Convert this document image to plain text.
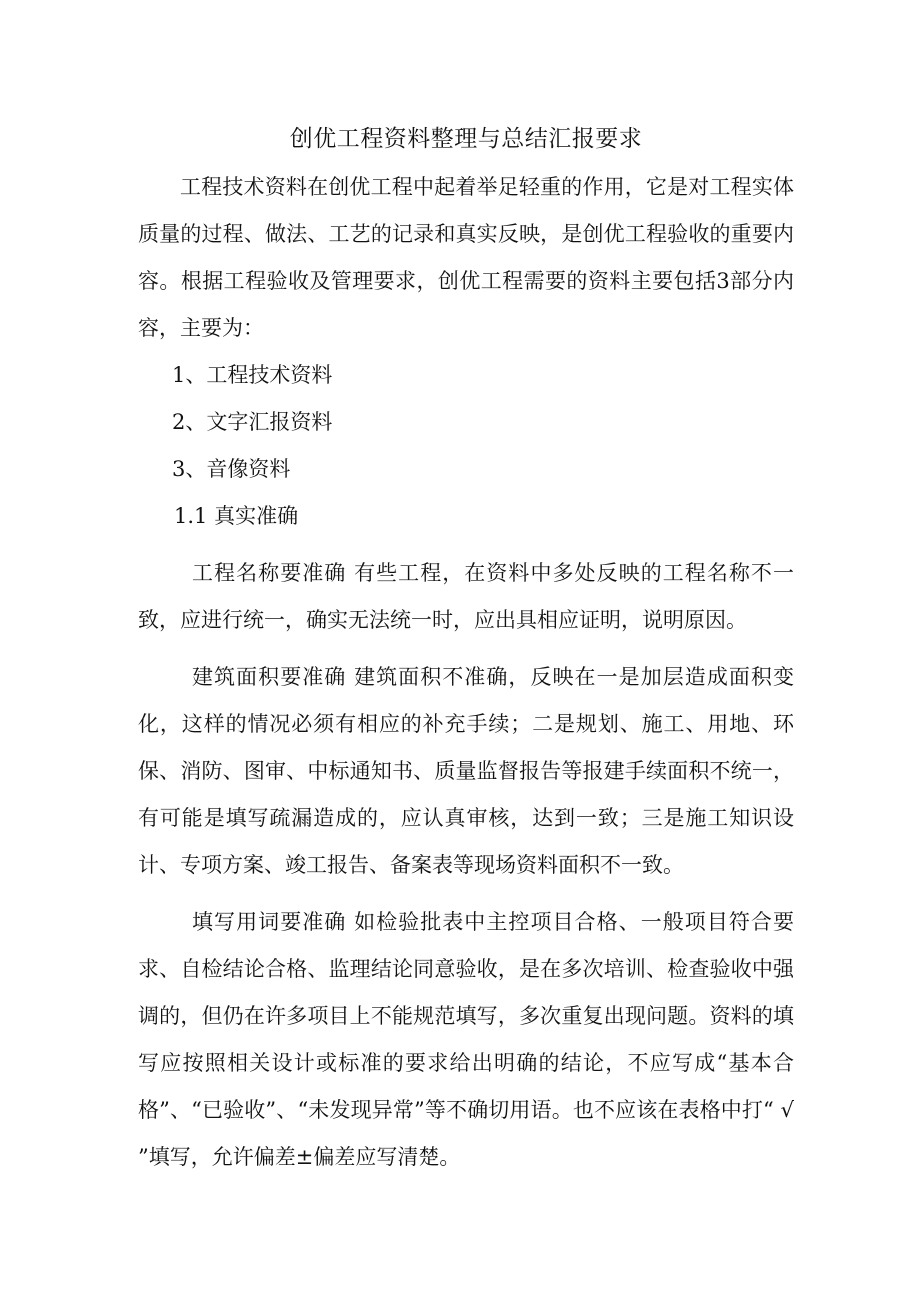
创优工程资料整理与总结汇报要求

工程技术资料在创优工程中起着举足轻重的作用，它是对工程实体质量的过程、做法、工艺的记录和真实反映，是创优工程验收的重要内容。根据工程验收及管理要求，创优工程需要的资料主要包括3部分内容，主要为：

1、工程技术资料

2、文字汇报资料

3、音像资料

1.1 真实准确

工程名称要准确 有些工程，在资料中多处反映的工程名称不一致，应进行统一，确实无法统一时，应出具相应证明，说明原因。

建筑面积要准确 建筑面积不准确，反映在一是加层造成面积变化，这样的情况必须有相应的补充手续；二是规划、施工、用地、环保、消防、图审、中标通知书、质量监督报告等报建手续面积不统一，有可能是填写疏漏造成的，应认真审核，达到一致；三是施工知识设计、专项方案、竣工报告、备案表等现场资料面积不一致。

填写用词要准确 如检验批表中主控项目合格、一般项目符合要求、自检结论合格、监理结论同意验收，是在多次培训、检查验收中强调的，但仍在许多项目上不能规范填写，多次重复出现问题。资料的填写应按照相关设计或标准的要求给出明确的结论，不应写成“基本合格”、“已验收”、“未发现异常”等不确切用语。也不应该在表格中打“ √ ”填写，允许偏差±偏差应写清楚。
